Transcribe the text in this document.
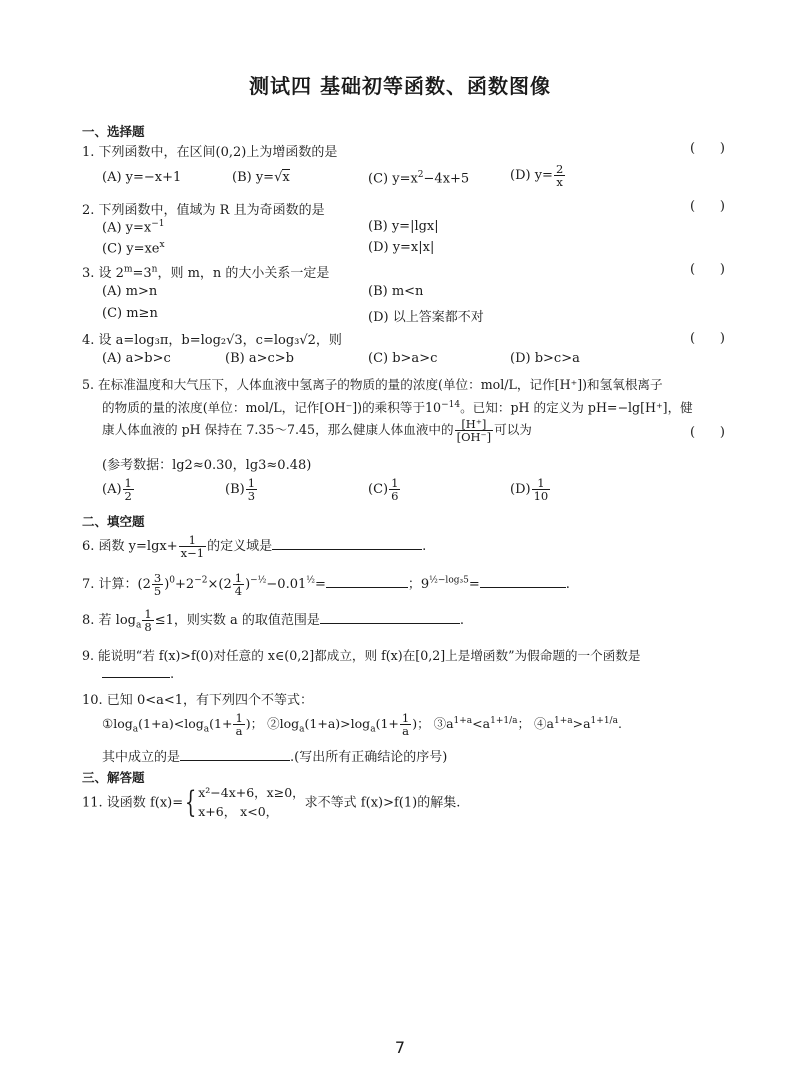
测试四 基础初等函数、函数图像
一、选择题
1. 下列函数中，在区间(0,2)上为增函数的是	(      )
(A) y=−x+1	(B) y=√x	(C) $y=x^2-4x+5$	(D) $y= \frac{2}{x}$
2. 下列函数中，值域为 R 且为奇函数的是	(      )
(A) $y=x^{-1}$	(B) y=|lgx|
(C) $y=xe^x$	(D) y=x|x|
3. 设 $2^m=3^n$，则 m，n 的大小关系一定是	(      )
(A) m>n	(B) m<n
(C) m≥n	(D) 以上答案都不对
4. 设 a=log₃π，b=log₂√3，c=log₃√2，则	(      )
(A) a>b>c	(B) a>c>b	(C) b>a>c	(D) b>c>a
5. 在标准温度和大气压下，人体血液中氢离子的物质的量的浓度(单位：mol/L，记作[H⁺])和氢氧根离子
的物质的量的浓度(单位：mol/L，记作[OH⁻])的乘积等于$10^{-14}$。已知：pH 的定义为 pH=−lg[H⁺]，健
康人体血液的 pH 保持在 7.35～7.45，那么健康人体血液中的 $\frac{[H^+]}{[OH^-]}$ 可以为	(      )
(参考数据：lg2≈0.30，lg3≈0.48)
$(A) \frac{1}{2}$	$(B) \frac{1}{3}$	$(C) \frac{1}{6}$	$(D) \frac{1}{10}$
二、填空题
6. 函数 $y=\lg x+ \frac{1}{x-1}$ 的定义域是	.
7. 计算：$(2 \frac{3}{5} )^0+2^{-2}\times(2 \frac{1}{4} )^{-\frac{1}{2}}-0.01^{\frac{1}{2}}=$	；$9^{\frac{1}{2}-log_35}=$	.
8. 若 $\log_a \frac{1}{8} \le 1$，则实数 a 的取值范围是	.
9. 能说明“若 f(x)>f(0)对任意的 x∈(0,2]都成立，则 f(x)在[0,2]上是增函数”为假命题的一个函数是
.
10. 已知 0<a<1，有下列四个不等式：
$①\log_a(1+a)<\log_a(1+ \frac{1}{a}$ )； $②\log_a(1+a)>\log_a(1+ \frac{1}{a}$ )； $③a^{1+a}<a^{1+1/a}$； $④a^{1+a}>a^{1+1/a}$.
其中成立的是	.(写出所有正确结论的序号)
三、解答题
11. 设函数 f(x)={ x²−4x+6，x≥0，
x+6， x<0，
求不等式 f(x)>f(1)的解集.
7
